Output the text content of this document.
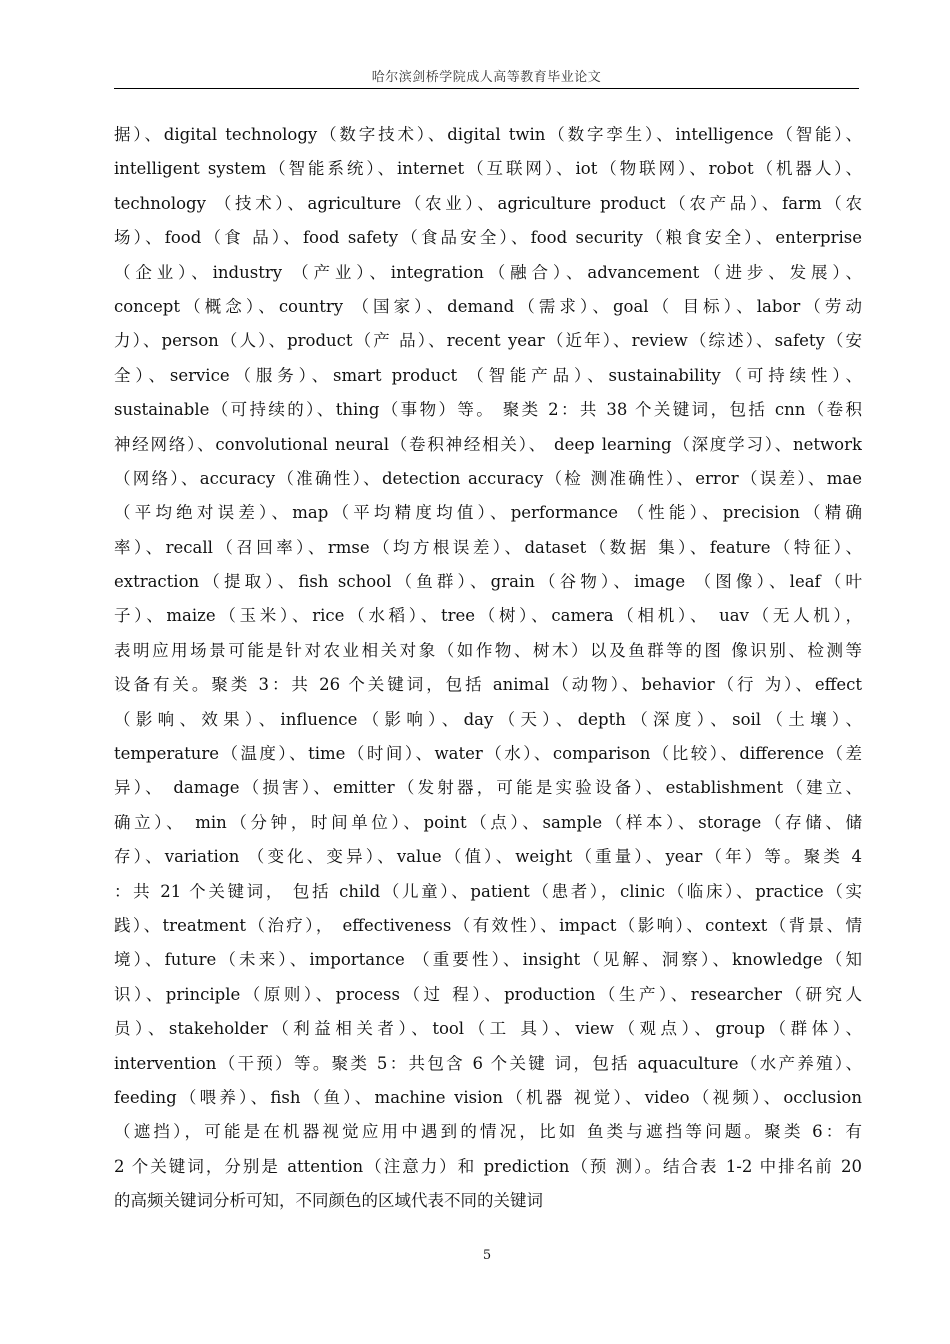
哈尔滨剑桥学院成人高等教育毕业论文
据）、digital technology（数字技术）、digital twin（数字孪生）、intelligence（智能）、
intelligent system（智能系统）、internet（互联网）、iot（物联网）、robot（机器人）、
technology （技术）、agriculture（农业）、agriculture product（农产品）、farm（农
场）、food（食 品）、food safety（食品安全）、food security（粮食安全）、enterprise
（企业）、industry （产业）、integration（融合）、advancement（进步、发展）、
concept（概念）、country （国家）、demand（需求）、goal（ 目标）、labor（劳动
力）、person（人）、product（产 品）、recent year（近年）、review（综述）、safety（安
全）、service（服务）、smart product （智能产品）、sustainability（可持续性）、
sustainable（可持续的）、thing（事物）等。 聚类 2：共 38 个关键词，包括 cnn（卷积
神经网络）、convolutional neural（卷积神经相关）、 deep learning（深度学习）、network
（网络）、accuracy（准确性）、detection accuracy（检 测准确性）、error（误差）、mae
（平均绝对误差）、map（平均精度均值）、performance （性能）、precision（精确
率）、recall（召回率）、rmse（均方根误差）、dataset（数据 集）、feature（特征）、
extraction（提取）、fish school（鱼群）、grain（谷物）、image （图像）、leaf（叶
子）、maize（玉米）、rice（水稻）、tree（树）、camera（相机）、 uav（无人机），
表明应用场景可能是针对农业相关对象（如作物、树木）以及鱼群等的图 像识别、检测等
设备有关。聚类 3：共 26 个关键词，包括 animal（动物）、behavior（行 为）、effect
（影响、效果）、influence（影响）、day（天）、depth（深度）、soil（土壤）、
temperature（温度）、time（时间）、water（水）、comparison（比较）、difference（差
异）、 damage（损害）、emitter（发射器，可能是实验设备）、establishment（建立、
确立）、 min（分钟，时间单位）、point（点）、sample（样本）、storage（存储、储
存）、variation （变化、变异）、value（值）、weight（重量）、year（年）等。聚类 4
：共 21 个关键词， 包括 child（儿童）、patient（患者），clinic（临床）、practice（实
践）、treatment（治疗）， effectiveness（有效性）、impact（影响）、context（背景、情
境）、future（未来）、importance （重要性）、insight（见解、洞察）、knowledge（知
识）、principle（原则）、process（过 程）、production（生产）、researcher（研究人
员）、stakeholder（利益相关者）、tool（工 具）、view（观点）、group（群体）、
intervention（干预）等。聚类 5：共包含 6 个关键 词，包括 aquaculture（水产养殖）、
feeding（喂养）、fish（鱼）、machine vision（机器 视觉）、video（视频）、occlusion
（遮挡），可能是在机器视觉应用中遇到的情况，比如 鱼类与遮挡等问题。聚类 6：有
2 个关键词，分别是 attention（注意力）和 prediction（预 测）。结合表 1-2 中排名前 20
的高频关键词分析可知，不同颜色的区域代表不同的关键词
5
